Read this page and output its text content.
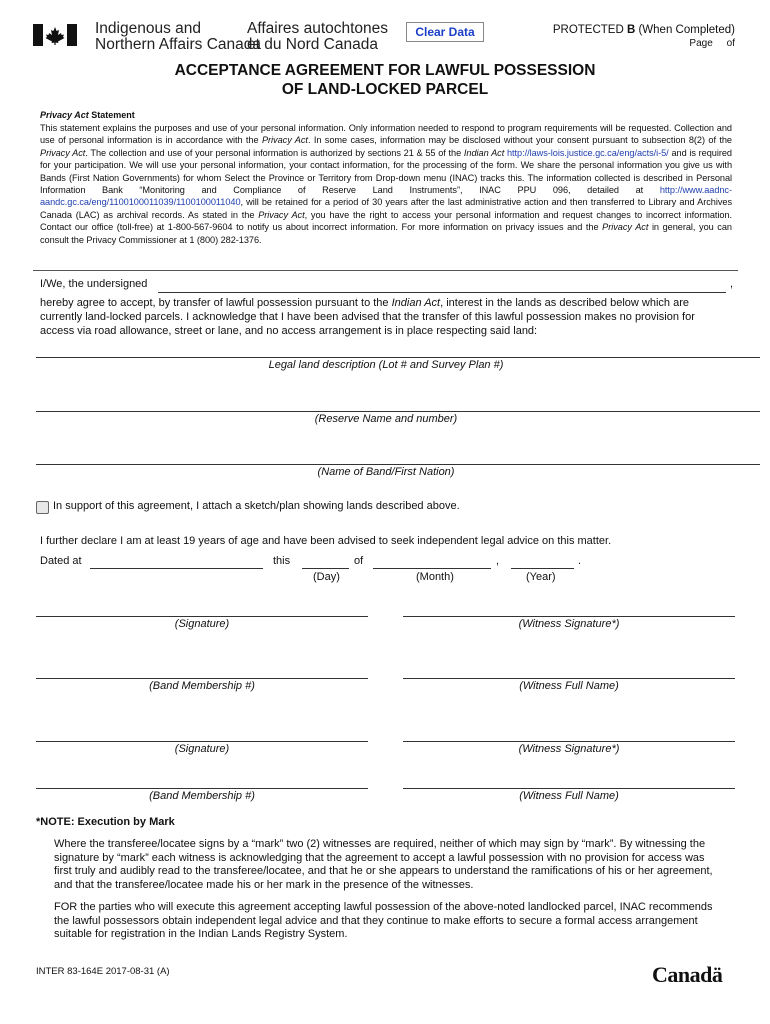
Indigenous and
Northern Affairs Canada
Affaires autochtones
et du Nord Canada
Clear Data	PROTECTED B (When Completed)
Page     of
ACCEPTANCE AGREEMENT FOR LAWFUL POSSESSION
OF LAND-LOCKED PARCEL
Privacy Act Statement
This statement explains the purposes and use of your personal information. Only information needed to respond to program requirements will be requested. Collection and use of personal information is in accordance with the Privacy Act. In some cases, information may be disclosed without your consent pursuant to subsection 8(2) of the Privacy Act. The collection and use of your personal information is authorized by sections 21 & 55 of the Indian Act http://laws-lois.justice.gc.ca/eng/acts/i-5/ and is required for your participation. We will use your personal information, your contact information, for the processing of the form. We share the personal information you give us with Bands (First Nation Governments) for whom Select the Province or Territory from Drop-down menu (INAC) tracks this. The information collected is described in Personal Information Bank “Monitoring and Compliance of Reserve Land Instruments”, INAC PPU 096, detailed at http://www.aadnc-aandc.gc.ca/eng/1100100011039/1100100011040, will be retained for a period of 30 years after the last administrative action and then transferred to Library and Archives Canada (LAC) as archival records. As stated in the Privacy Act, you have the right to access your personal information and request changes to incorrect information. Contact our office (toll-free) at 1-800-567-9604 to notify us about incorrect information. For more information on privacy issues and the Privacy Act in general, you can consult the Privacy Commissioner at 1 (800) 282-1376.
I/We, the undersigned	,
hereby agree to accept, by transfer of lawful possession pursuant to the Indian Act, interest in the lands as described below which are currently land-locked parcels. I acknowledge that I have been advised that the transfer of this lawful possession makes no provision for access via road allowance, street or lane, and no access arrangement is in place respecting said land:
Legal land description (Lot # and Survey Plan #)
(Reserve Name and number)
(Name of Band/First Nation)
In support of this agreement, I attach a sketch/plan showing lands described above.
I further declare I am at least 19 years of age and have been advised to seek independent legal advice on this matter.
Dated at	this	of	,	.
(Day)	(Month)	(Year)
(Signature)	(Witness Signature*)
(Band Membership #)	(Witness Full Name)
(Signature)	(Witness Signature*)
(Band Membership #)	(Witness Full Name)
*NOTE: Execution by Mark
Where the transferee/locatee signs by a “mark” two (2) witnesses are required, neither of which may sign by “mark”. By witnessing the signature by “mark” each witness is acknowledging that the agreement to accept a lawful possession with no provision for access was first truly and audibly read to the transferee/locatee, and that he or she appears to understand the ramifications of his or her agreement, and that the transferee/locatee made his or her mark in the presence of the witnesses.
FOR the parties who will execute this agreement accepting lawful possession of the above-noted landlocked parcel, INAC recommends the lawful possessors obtain independent legal advice and that they continue to make efforts to secure a formal access arrangement suitable for registration in the Indian Lands Registry System.
INTER 83-164E 2017-08-31 (A)	Canadä
